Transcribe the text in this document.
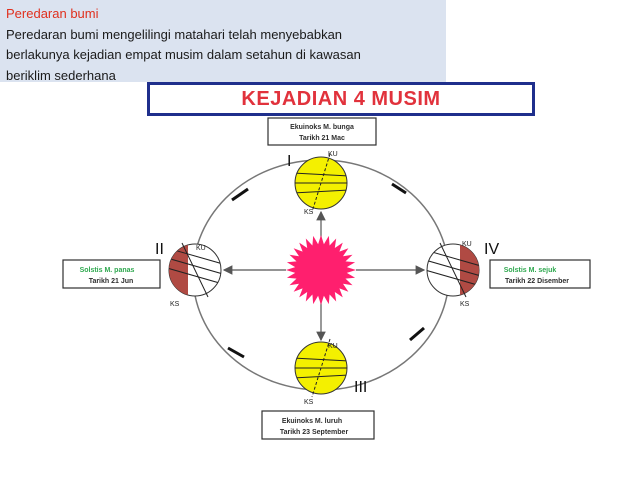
Peredaran bumi
Peredaran bumi mengelilingi matahari telah menyebabkan
berlakunya kejadian empat musim dalam setahun di kawasan
beriklim sederhana
KEJADIAN 4 MUSIM
I
II
III
IV
KU
KS
KU
KS
KU
KS
KU
KS
Ekuinoks M. bunga
Tarikh 21 Mac
Solstis M. panas
Tarikh 21 Jun
Solstis M. sejuk
Tarikh 22 Disember
Ekuinoks M. luruh
Tarikh 23 September
